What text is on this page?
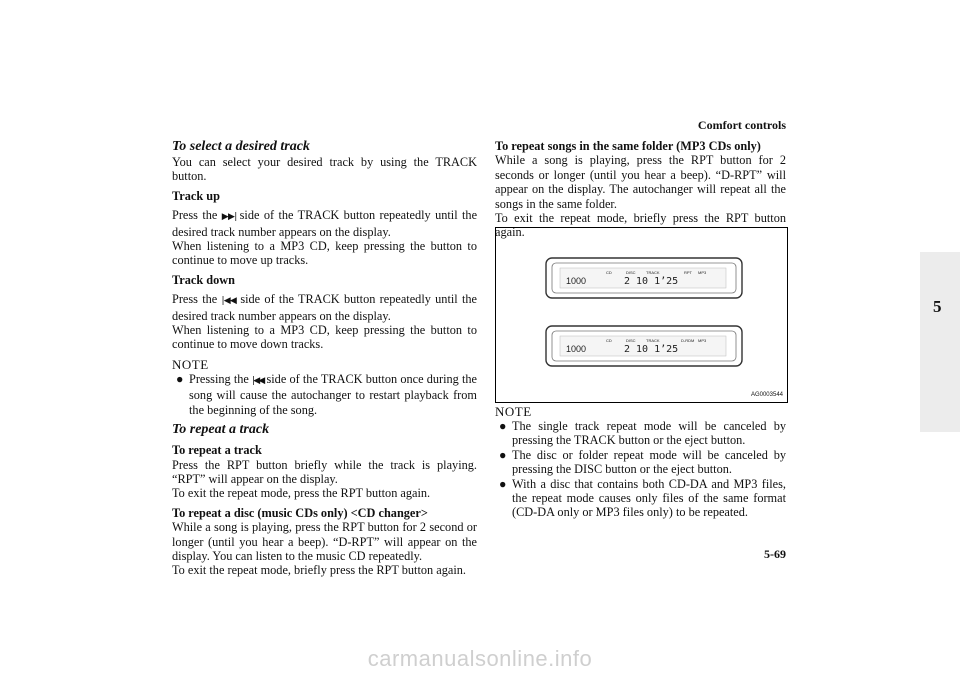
Comfort controls
5

To select a desired track

You can select your desired track by using the TRACK button.

Track up

Press the ▶▶| side of the TRACK button repeatedly until the desired track number appears on the display.

When listening to a MP3 CD, keep pressing the button to continue to move up tracks.

Track down

Press the |◀◀ side of the TRACK button repeatedly until the desired track number appears on the display.

When listening to a MP3 CD, keep pressing the button to continue to move down tracks.

NOTE

● Pressing the |◀◀ side of the TRACK button once during the song will cause the autochanger to restart playback from the beginning of the song.

To repeat a track

To repeat a track

Press the RPT button briefly while the track is playing. “RPT” will appear on the display.

To exit the repeat mode, press the RPT button again.

To repeat a disc (music CDs only) <CD changer>

While a song is playing, press the RPT button for 2 second or longer (until you hear a beep). “D-RPT” will appear on the display. You can listen to the music CD repeatedly.

To exit the repeat mode, briefly press the RPT button again.

To repeat songs in the same folder (MP3 CDs only)

While a song is playing, press the RPT button for 2 seconds or longer (until you hear a beep). “D-RPT” will appear on the display. The autochanger will repeat all the songs in the same folder.

To exit the repeat mode, briefly press the RPT button again.

CD	DISC	TRACK	RPT MP3
1000	2 10 1’25
CD	DISC	TRACK	D-RDM MP3
1000	2 10 1’25
AG0003544

NOTE

● The single track repeat mode will be canceled by pressing the TRACK button or the eject button.
● The disc or folder repeat mode will be canceled by pressing the DISC button or the eject button.
● With a disc that contains both CD-DA and MP3 files, the repeat mode causes only files of the same format (CD-DA only or MP3 files only) to be repeated.
5-69
carmanualsonline.info
